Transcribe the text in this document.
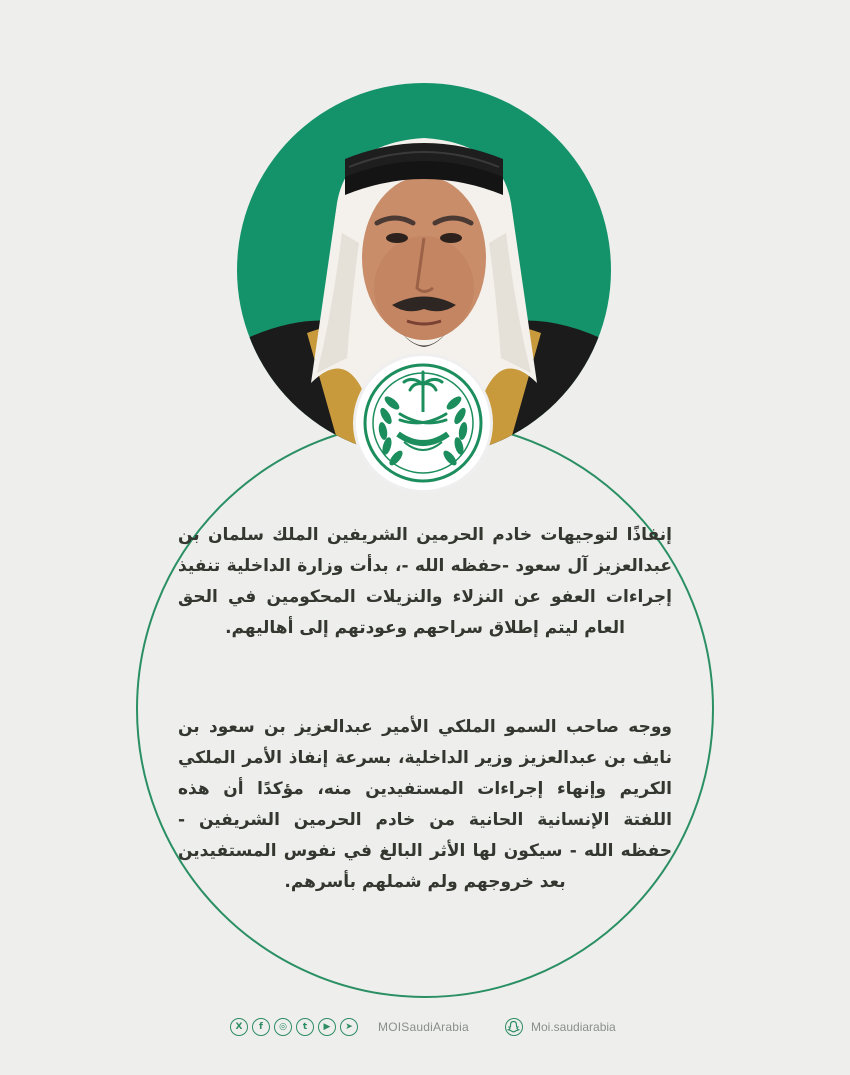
إنفاذًا لتوجيهات خادم الحرمين الشريفين الملك سلمان بن عبدالعزيز آل سعود -حفظه الله -، بدأت وزارة الداخلية تنفيذ إجراءات العفو عن النزلاء والنزيلات المحكومين في الحق العام ليتم إطلاق سراحهم وعودتهم إلى أهاليهم.
ووجه صاحب السمو الملكي الأمير عبدالعزيز بن سعود بن نايف بن عبدالعزيز وزير الداخلية، بسرعة إنفاذ الأمر الملكي الكريم وإنهاء إجراءات المستفيدين منه، مؤكدًا أن هذه اللفتة الإنسانية الحانية من خادم الحرمين الشريفين - حفظه الله - سيكون لها الأثر البالغ في نفوس المستفيدين بعد خروجهم ولم شملهم بأسرهم.
X	f	◎	t	▶	➤	MOISaudiArabia	Moi.saudiarabia
